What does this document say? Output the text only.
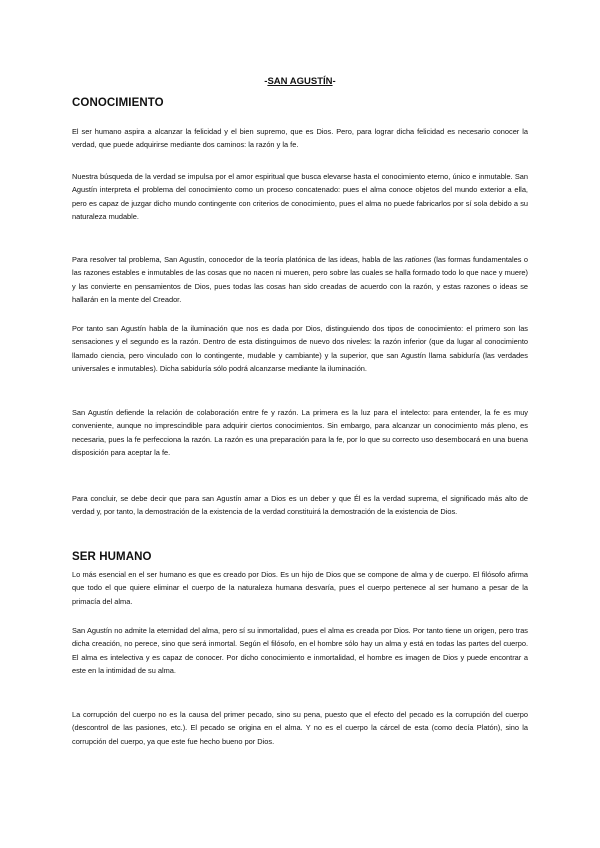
-SAN AGUSTÍN-
CONOCIMIENTO

El ser humano aspira a alcanzar la felicidad y el bien supremo, que es Dios. Pero, para lograr dicha felicidad es necesario conocer la verdad, que puede adquirirse mediante dos caminos: la razón y la fe.

Nuestra búsqueda de la verdad se impulsa por el amor espiritual que busca elevarse hasta el conocimiento eterno, único e inmutable. San Agustín interpreta el problema del conocimiento como un proceso concatenado: pues el alma conoce objetos del mundo exterior a ella, pero es capaz de juzgar dicho mundo contingente con criterios de conocimiento, pues el alma no puede fabricarlos por sí sola debido a su naturaleza mudable.

Para resolver tal problema, San Agustín, conocedor de la teoría platónica de las ideas, habla de las rationes (las formas fundamentales o las razones estables e inmutables de las cosas que no nacen ni mueren, pero sobre las cuales se halla formado todo lo que nace y muere) y las convierte en pensamientos de Dios, pues todas las cosas han sido creadas de acuerdo con la razón, y estas razones o ideas se hallarán en la mente del Creador.

Por tanto san Agustín habla de la iluminación que nos es dada por Dios, distinguiendo dos tipos de conocimiento: el primero son las sensaciones y el segundo es la razón. Dentro de esta distinguimos de nuevo dos niveles: la razón inferior (que da lugar al conocimiento llamado ciencia, pero vinculado con lo contingente, mudable y cambiante) y la superior, que san Agustín llama sabiduría (las verdades universales e inmutables). Dicha sabiduría sólo podrá alcanzarse mediante la iluminación.

San Agustín defiende la relación de colaboración entre fe y razón. La primera es la luz para el intelecto: para entender, la fe es muy conveniente, aunque no imprescindible para adquirir ciertos conocimientos. Sin embargo, para alcanzar un conocimiento más pleno, es necesaria, pues la fe perfecciona la razón. La razón es una preparación para la fe, por lo que su correcto uso desembocará en una buena disposición para aceptar la fe.

Para concluir, se debe decir que para san Agustín amar a Dios es un deber y que Él es la verdad suprema, el significado más alto de verdad y, por tanto, la demostración de la existencia de la verdad constituirá la demostración de la existencia de Dios.

SER HUMANO

Lo más esencial en el ser humano es que es creado por Dios. Es un hijo de Dios que se compone de alma y de cuerpo. El filósofo afirma que todo el que quiere eliminar el cuerpo de la naturaleza humana desvaría, pues el cuerpo pertenece al ser humano a pesar de la primacía del alma.

San Agustín no admite la eternidad del alma, pero sí su inmortalidad, pues el alma es creada por Dios. Por tanto tiene un origen, pero tras dicha creación, no perece, sino que será inmortal. Según el filósofo, en el hombre sólo hay un alma y está en todas las partes del cuerpo. El alma es intelectiva y es capaz de conocer. Por dicho conocimiento e inmortalidad, el hombre es imagen de Dios y puede encontrar a este en la intimidad de su alma.

La corrupción del cuerpo no es la causa del primer pecado, sino su pena, puesto que el efecto del pecado es la corrupción del cuerpo (descontrol de las pasiones, etc.). El pecado se origina en el alma. Y no es el cuerpo la cárcel de esta (como decía Platón), sino la corrupción del cuerpo, ya que este fue hecho bueno por Dios.
